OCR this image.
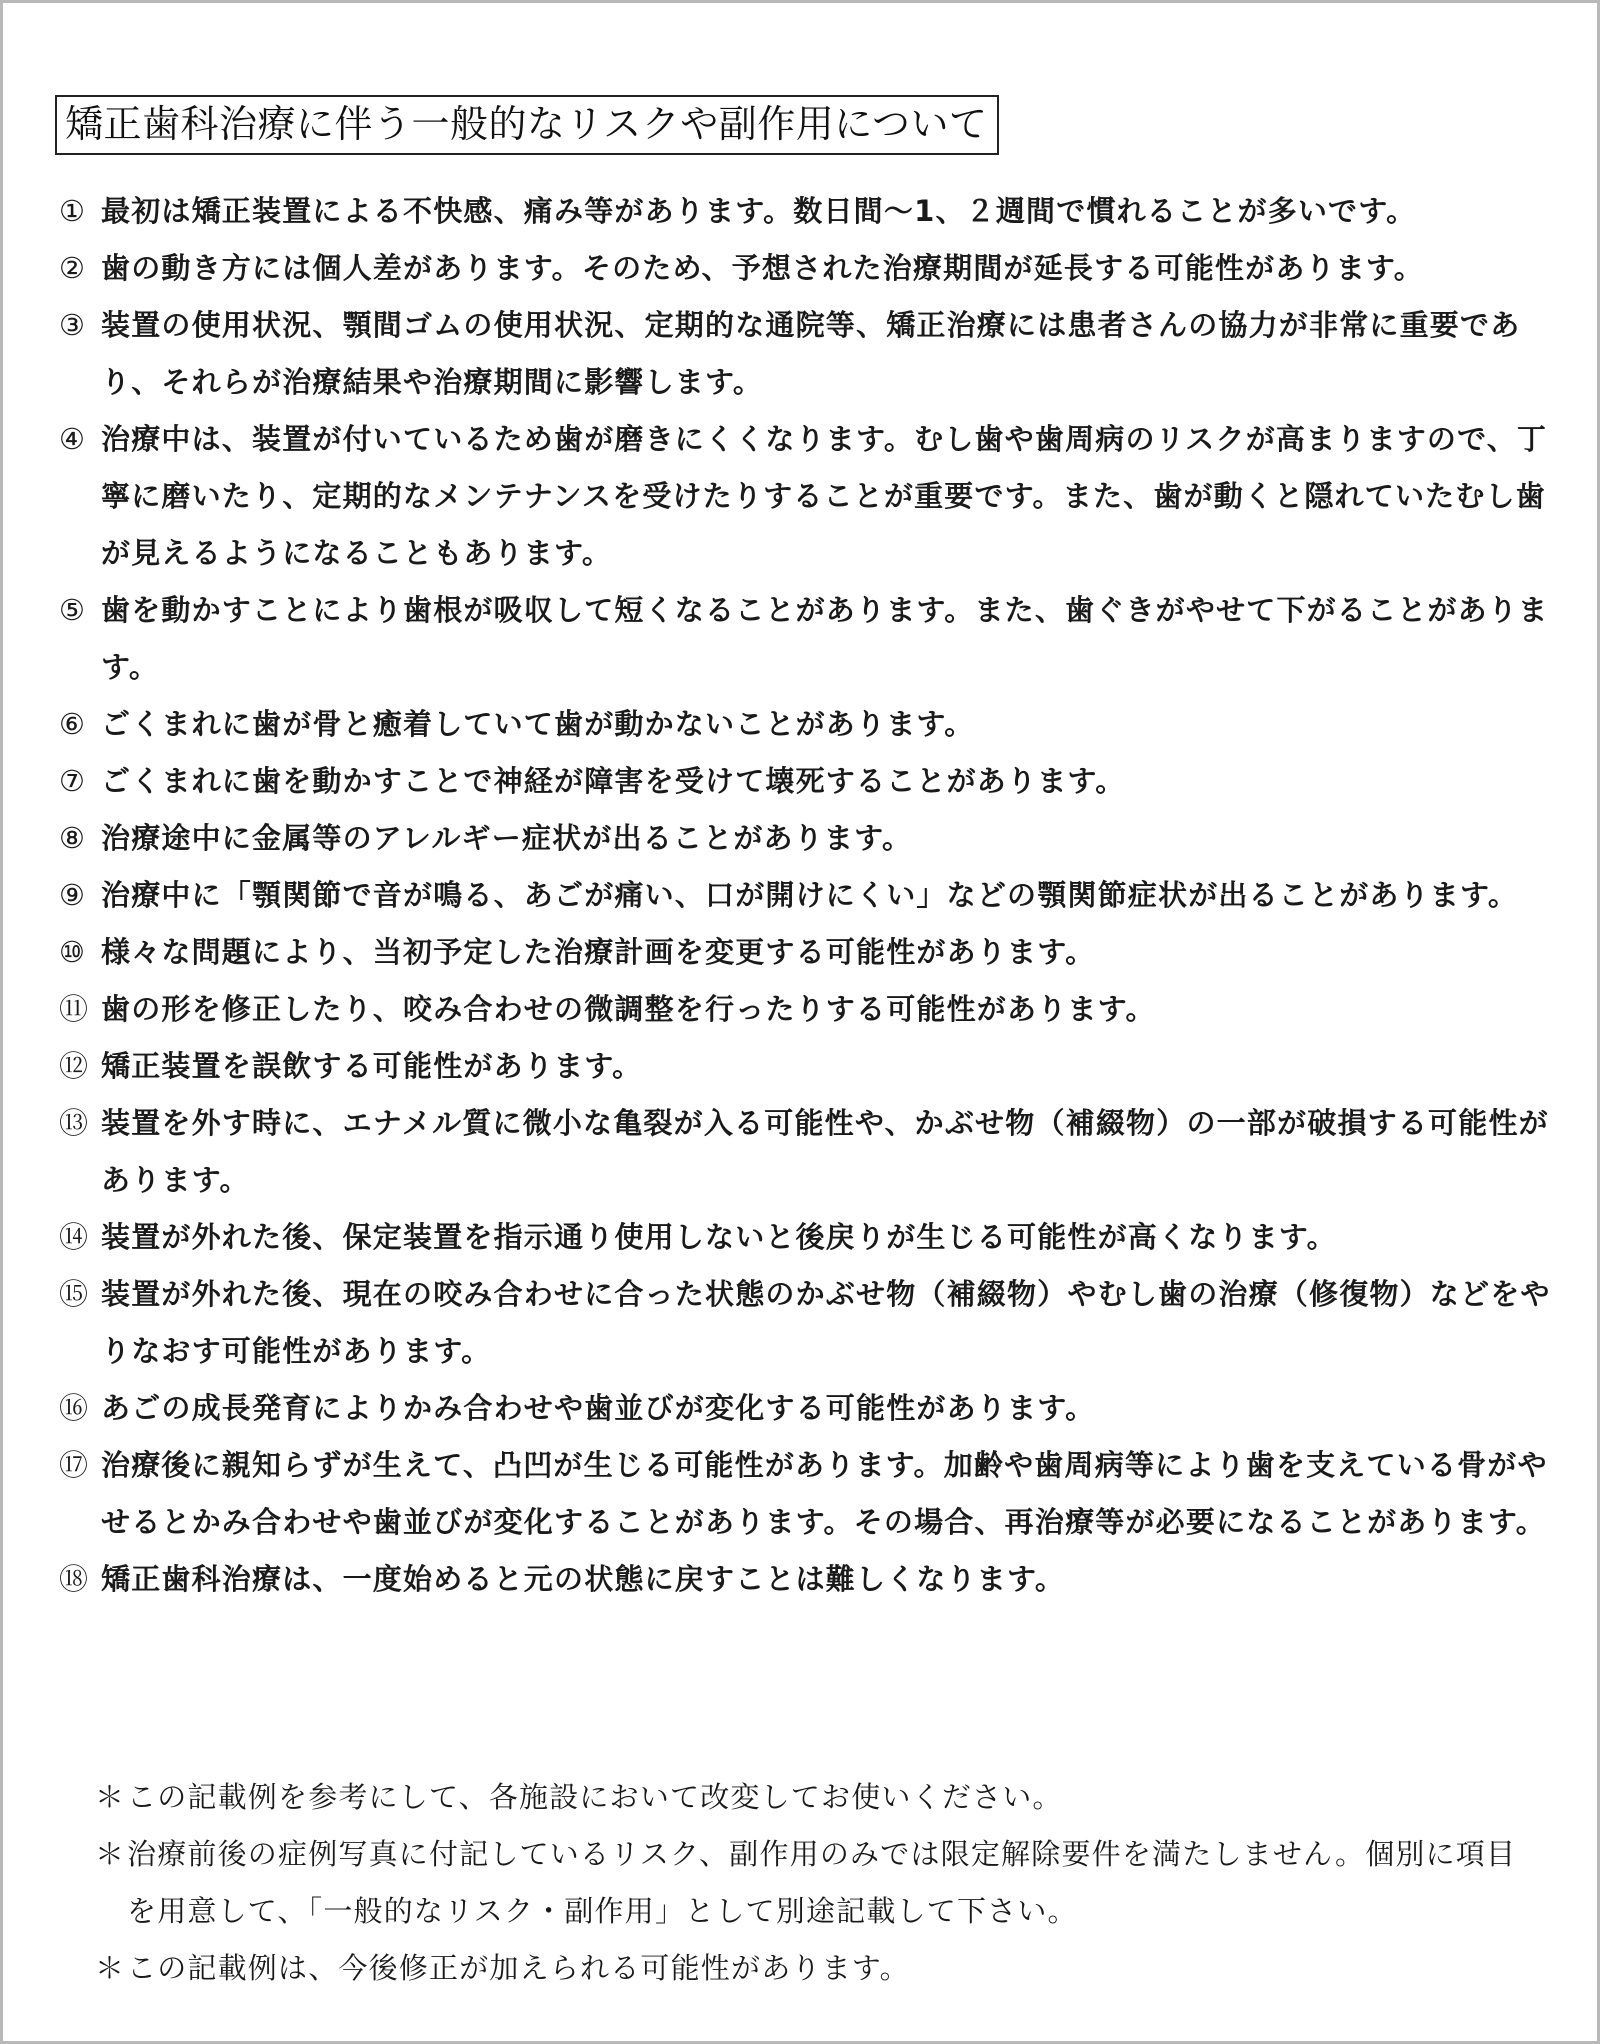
矯正歯科治療に伴う一般的なリスクや副作用について
① 最初は矯正装置による不快感、痛み等があります。数日間～1、２週間で慣れることが多いです。
② 歯の動き方には個人差があります。そのため、予想された治療期間が延長する可能性があります。
③ 装置の使用状況、顎間ゴムの使用状況、定期的な通院等、矯正治療には患者さんの協力が非常に重要であり、それらが治療結果や治療期間に影響します。
④ 治療中は、装置が付いているため歯が磨きにくくなります。むし歯や歯周病のリスクが高まりますので、丁寧に磨いたり、定期的なメンテナンスを受けたりすることが重要です。また、歯が動くと隠れていたむし歯が見えるようになることもあります。
⑤ 歯を動かすことにより歯根が吸収して短くなることがあります。また、歯ぐきがやせて下がることがあります。
⑥ ごくまれに歯が骨と癒着していて歯が動かないことがあります。
⑦ ごくまれに歯を動かすことで神経が障害を受けて壊死することがあります。
⑧ 治療途中に金属等のアレルギー症状が出ることがあります。
⑨ 治療中に「顎関節で音が鳴る、あごが痛い、口が開けにくい」などの顎関節症状が出ることがあります。
⑩ 様々な問題により、当初予定した治療計画を変更する可能性があります。
⑪ 歯の形を修正したり、咬み合わせの微調整を行ったりする可能性があります。
⑫ 矯正装置を誤飲する可能性があります。
⑬ 装置を外す時に、エナメル質に微小な亀裂が入る可能性や、かぶせ物（補綴物）の一部が破損する可能性があります。
⑭ 装置が外れた後、保定装置を指示通り使用しないと後戻りが生じる可能性が高くなります。
⑮ 装置が外れた後、現在の咬み合わせに合った状態のかぶせ物（補綴物）やむし歯の治療（修復物）などをやりなおす可能性があります。
⑯ あごの成長発育によりかみ合わせや歯並びが変化する可能性があります。
⑰ 治療後に親知らずが生えて、凸凹が生じる可能性があります。加齢や歯周病等により歯を支えている骨がやせるとかみ合わせや歯並びが変化することがあります。その場合、再治療等が必要になることがあります。
⑱ 矯正歯科治療は、一度始めると元の状態に戻すことは難しくなります。
＊ この記載例を参考にして、各施設において改変してお使いください。
＊ 治療前後の症例写真に付記しているリスク、副作用のみでは限定解除要件を満たしません。個別に項目を用意して、「一般的なリスク・副作用」として別途記載して下さい。
＊ この記載例は、今後修正が加えられる可能性があります。
